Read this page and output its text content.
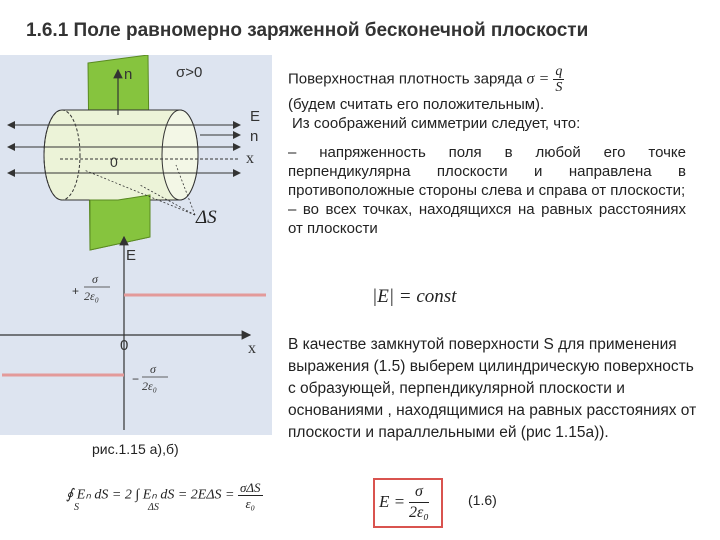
1.6.1 Поле равномерно заряженной бесконечной плоскости
n	σ>0
E
n
x
0
ΔS
E
+
σ
2ε₀
0	x
−
σ
2ε₀
рис.1.15 а),б)
Поверхностная плотность заряда $\sigma = \frac{q}{S}$
(будем считать его положительным).
Из соображений симметрии следует, что:
– напряженность поля в любой его точке перпендикулярна плоскости и направлена в противоположные стороны слева и справа от плоскости;
– во всех точках, находящихся на равных расстояниях от плоскости
|E| = const
В качестве замкнутой поверхности S для применения выражения (1.5) выберем цилиндрическую поверхность с образующей, перпендикулярной плоскости и основаниями , находящимися на равных расстояниях от плоскости и параллельными ей (рис 1.15а)).
∮ Eₙ dS = 2 ∫ Eₙ dS = 2EΔS =
σΔS
ε₀
S	ΔS	$E = \frac{\sigma}{\text{2ε₀}}$	(1.6)
